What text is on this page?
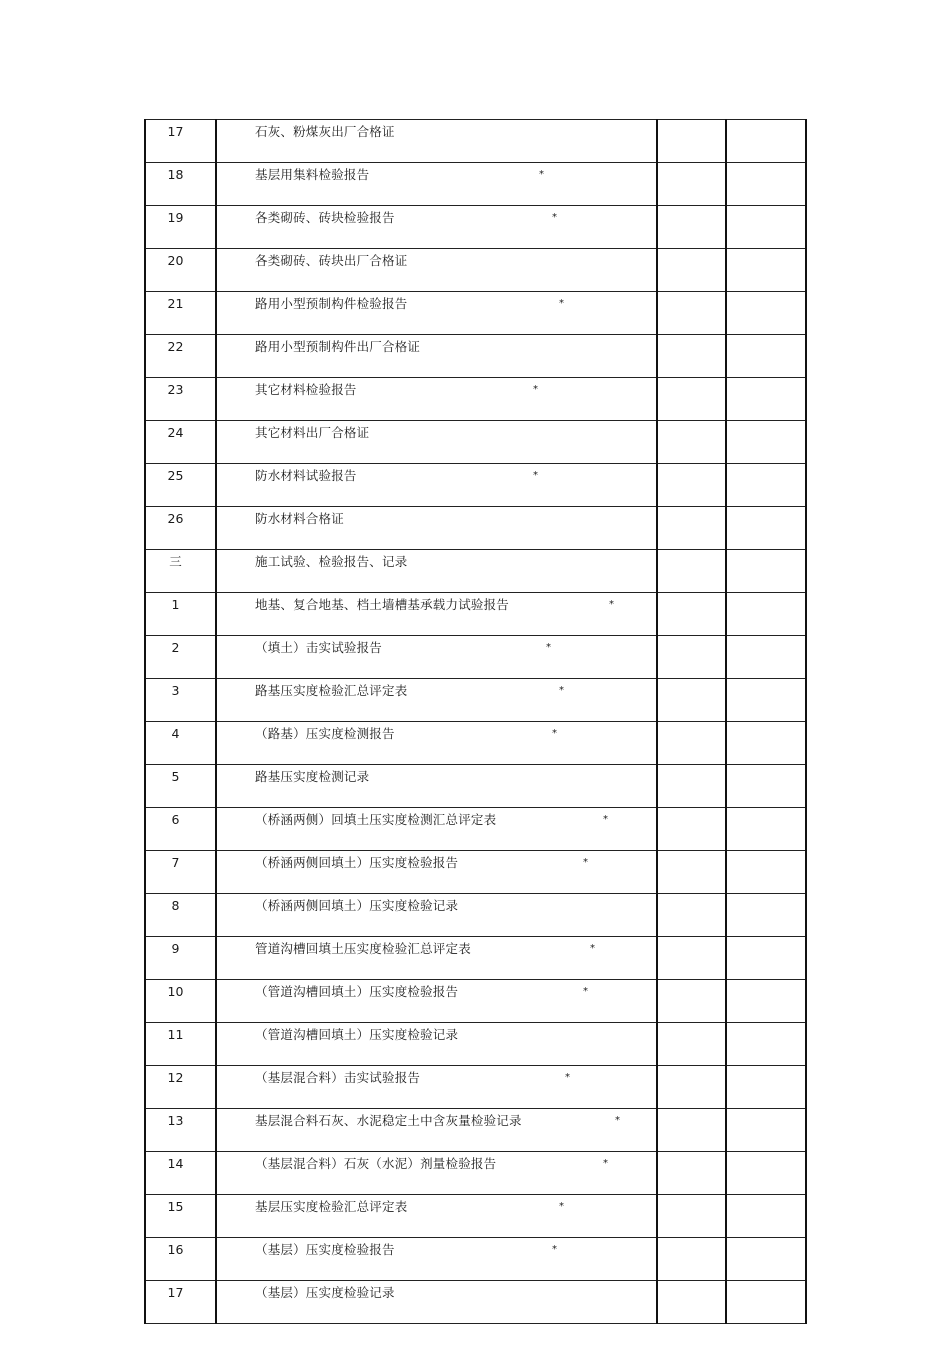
17	石灰、粉煤灰出厂合格证		

18	基层用集料检验报告 *		

19	各类砌砖、砖块检验报告 *		

20	各类砌砖、砖块出厂合格证		

21	路用小型预制构件检验报告 *		

22	路用小型预制构件出厂合格证		

23	其它材料检验报告 *		

24	其它材料出厂合格证		

25	防水材料试验报告 *		

26	防水材料合格证		

三	施工试验、检验报告、记录		

1	地基、复合地基、档土墙槽基承载力试验报告 *		

2	（填土）击实试验报告 *		

3	路基压实度检验汇总评定表 *		

4	（路基）压实度检测报告 *		

5	路基压实度检测记录		

6	（桥涵两侧）回填土压实度检测汇总评定表 *		

7	（桥涵两侧回填土）压实度检验报告 *		

8	（桥涵两侧回填土）压实度检验记录		

9	管道沟槽回填土压实度检验汇总评定表 *		

10	（管道沟槽回填土）压实度检验报告 *		

11	（管道沟槽回填土）压实度检验记录		

12	（基层混合料）击实试验报告 *		

13	基层混合料石灰、水泥稳定土中含灰量检验记录 *		

14	（基层混合料）石灰（水泥）剂量检验报告 *		

15	基层压实度检验汇总评定表 *		

16	（基层）压实度检验报告 *		

17	（基层）压实度检验记录		
